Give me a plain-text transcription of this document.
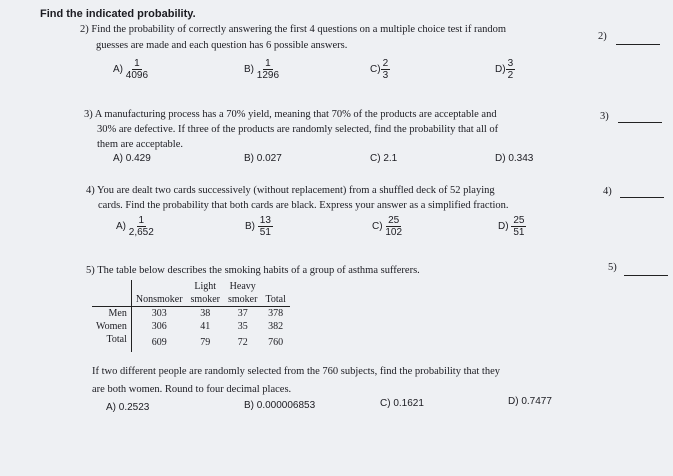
Find the indicated probability.
2) Find the probability of correctly answering the first 4 questions on a multiple choice test if random
guesses are made and each question has 6 possible answers.
2)
$A) \frac{1}{4096}$	$B) \frac{1}{1296}$	$C) \frac{2}{3}$	$D) \frac{3}{2}$
3) A manufacturing process has a 70% yield, meaning that 70% of the products are acceptable and
30% are defective. If three of the products are randomly selected, find the probability that all of
them are acceptable.
3)
A) 0.429	B) 0.027	C) 2.1	D) 0.343
4) You are dealt two cards successively (without replacement) from a shuffled deck of 52 playing
cards. Find the probability that both cards are black. Express your answer as a simplified fraction.
4)
$A) \frac{1}{2,652}$	$B) \frac{13}{51}$	$C) \frac{25}{102}$	$D) \frac{25}{51}$
5) The table below describes the smoking habits of a group of asthma sufferers.	5)
		Light	Heavy	
	Nonsmoker	smoker	smoker	Total
Men	303	38	37	378
Women	306	41	35	382
Total	609	79	72	760
If two different people are randomly selected from the 760 subjects, find the probability that they
are both women. Round to four decimal places.
A) 0.2523	B) 0.000006853	C) 0.1621	D) 0.7477
